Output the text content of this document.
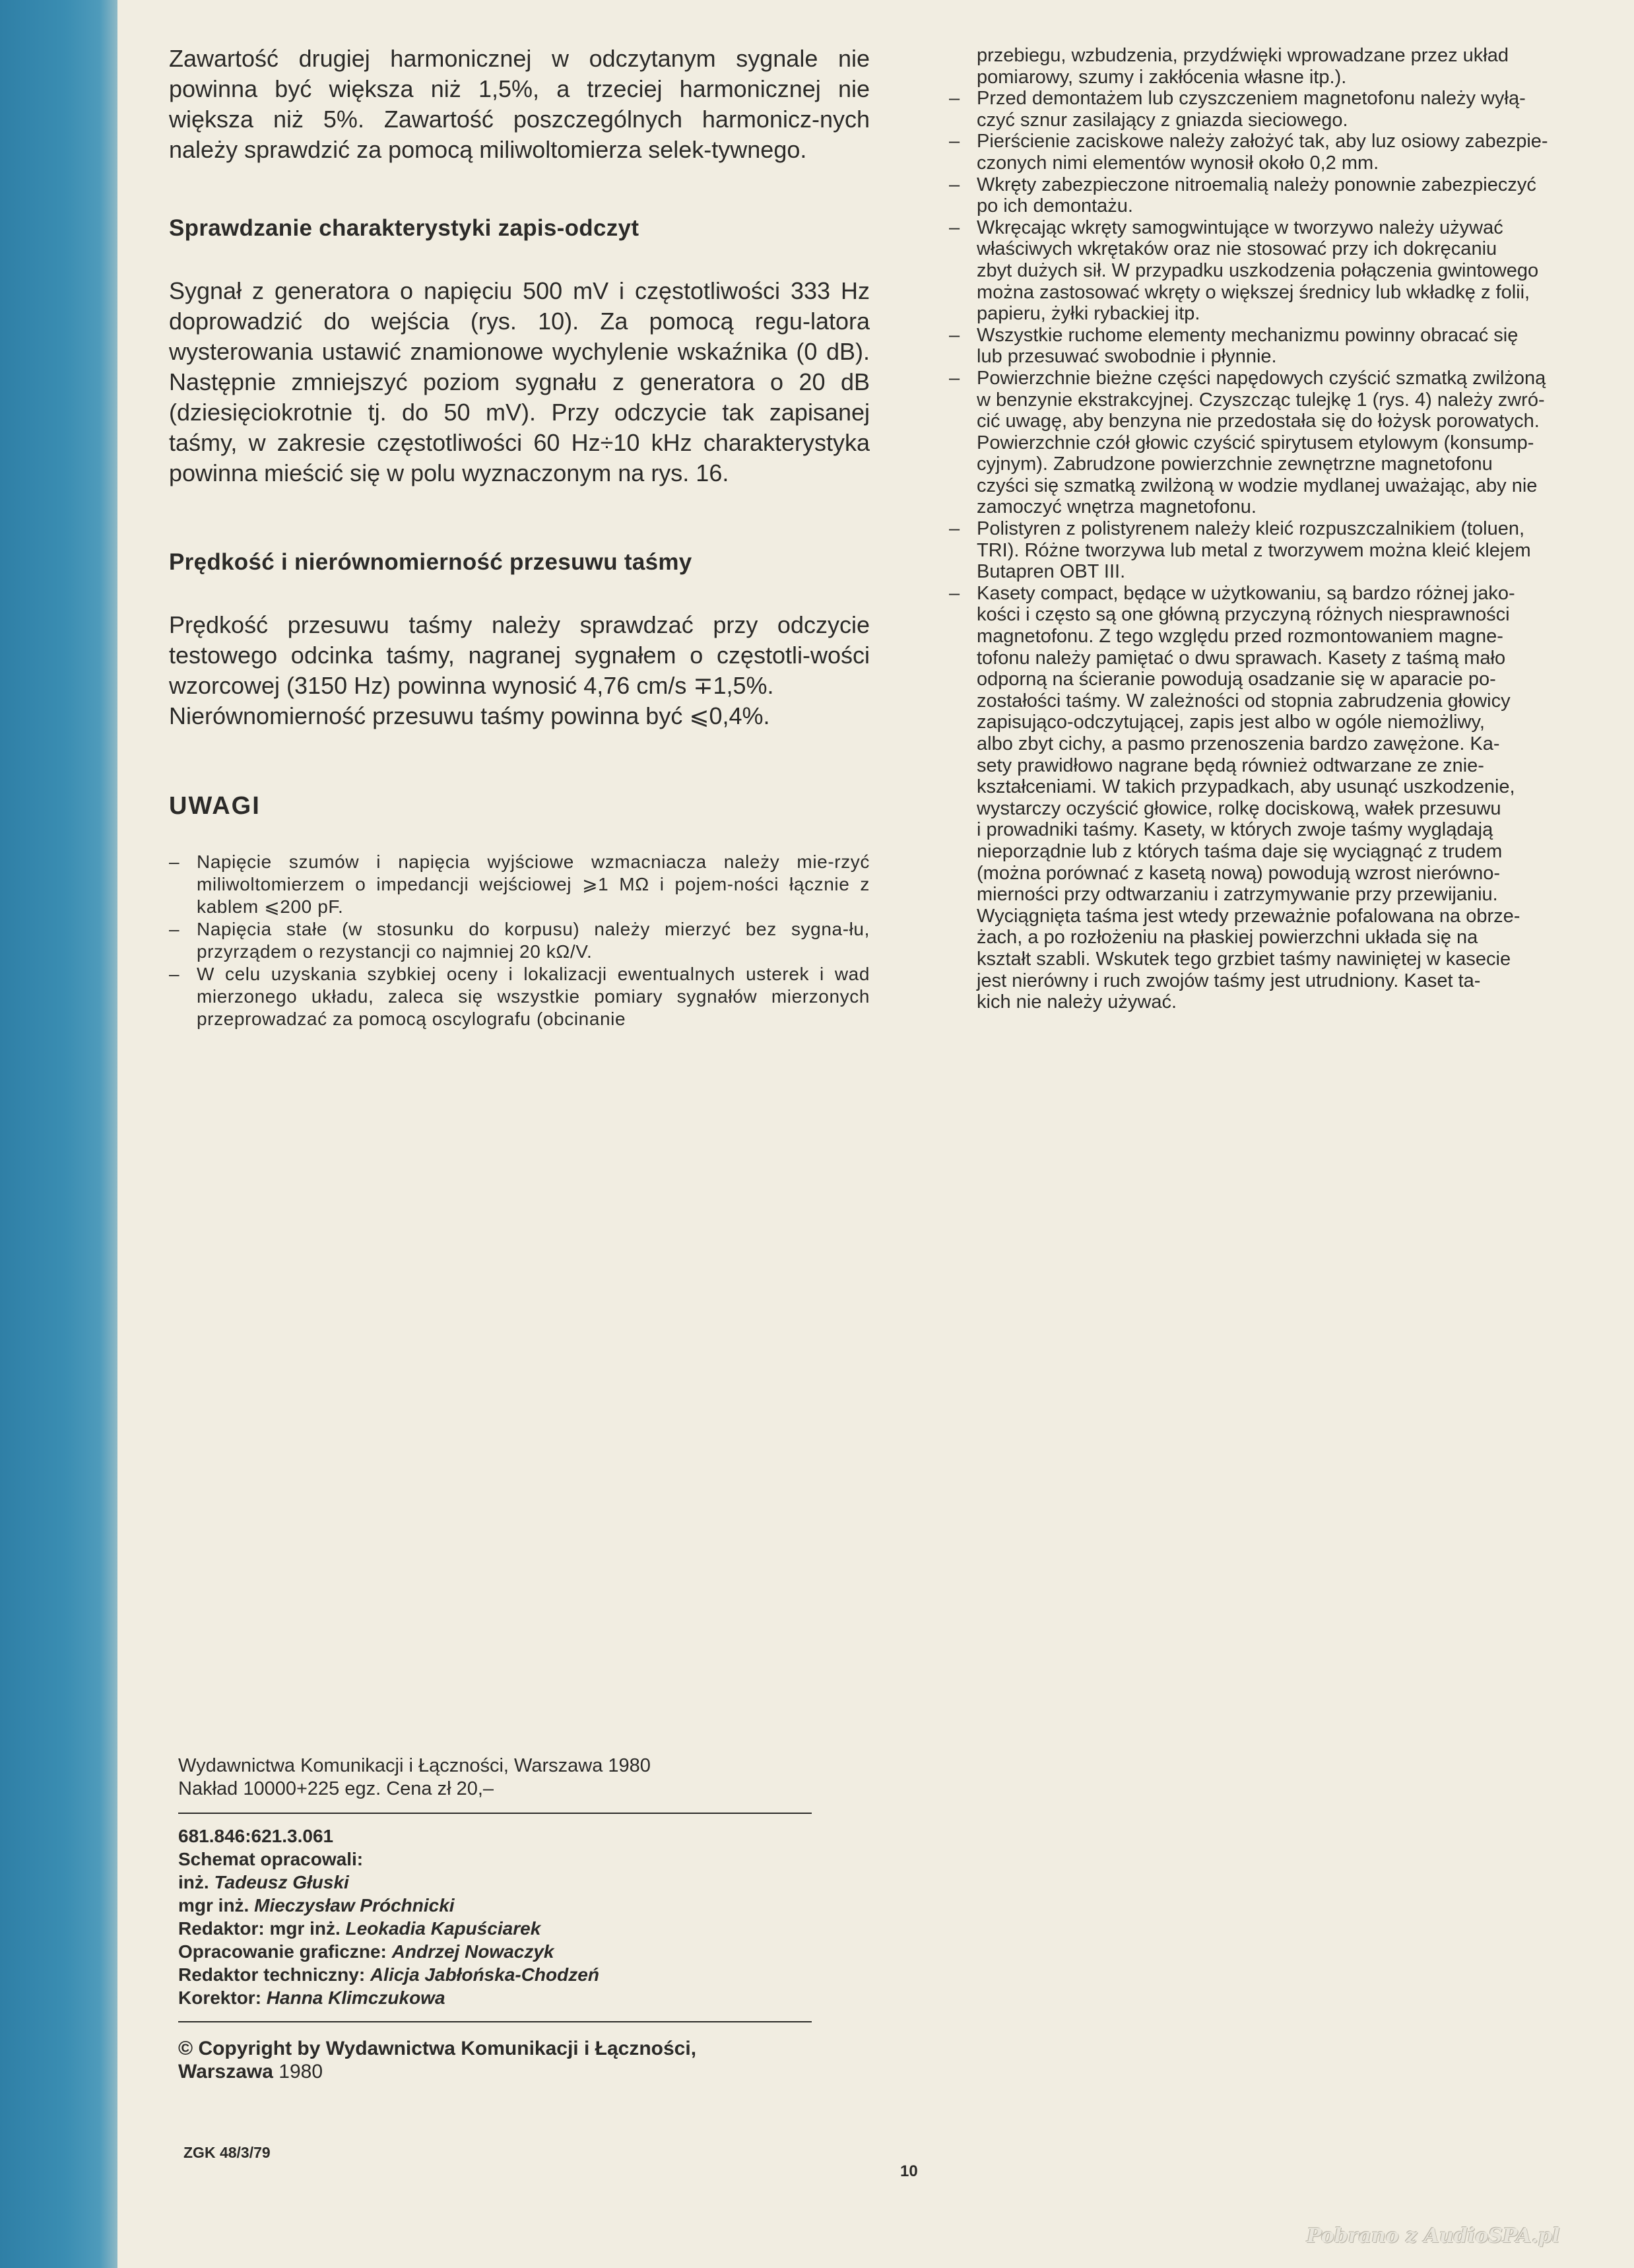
Zawartość drugiej harmonicznej w odczytanym sygnale nie powinna być większa niż 1,5%, a trzeciej harmonicznej nie większa niż 5%. Zawartość poszczególnych harmonicz-nych należy sprawdzić za pomocą miliwoltomierza selek-tywnego.

Sprawdzanie charakterystyki zapis-odczyt

Sygnał z generatora o napięciu 500 mV i częstotliwości 333 Hz doprowadzić do wejścia (rys. 10). Za pomocą regu-latora wysterowania ustawić znamionowe wychylenie wskaźnika (0 dB). Następnie zmniejszyć poziom sygnału z generatora o 20 dB (dziesięciokrotnie tj. do 50 mV). Przy odczycie tak zapisanej taśmy, w zakresie częstotliwości 60 Hz÷10 kHz charakterystyka powinna mieścić się w polu wyznaczonym na rys. 16.

Prędkość i nierównomierność przesuwu taśmy

Prędkość przesuwu taśmy należy sprawdzać przy odczycie testowego odcinka taśmy, nagranej sygnałem o częstotli-wości wzorcowej (3150 Hz) powinna wynosić 4,76 cm/s ∓1,5%.

Nierównomierność przesuwu taśmy powinna być ⩽0,4%.

UWAGI
– Napięcie szumów i napięcia wyjściowe wzmacniacza należy mie-rzyć miliwoltomierzem o impedancji wejściowej ⩾1 MΩ i pojem-ności łącznie z kablem ⩽200 pF.
– Napięcia stałe (w stosunku do korpusu) należy mierzyć bez sygna-łu, przyrządem o rezystancji co najmniej 20 kΩ/V.
– W celu uzyskania szybkiej oceny i lokalizacji ewentualnych usterek i wad mierzonego układu, zaleca się wszystkie pomiary sygnałów mierzonych przeprowadzać za pomocą oscylografu (obcinanie
przebiegu, wzbudzenia, przydźwięki wprowadzane przez układ
pomiarowy, szumy i zakłócenia własne itp.).
– Przed demontażem lub czyszczeniem magnetofonu należy wyłą-
czyć sznur zasilający z gniazda sieciowego.
– Pierścienie zaciskowe należy założyć tak, aby luz osiowy zabezpie-
czonych nimi elementów wynosił około 0,2 mm.
– Wkręty zabezpieczone nitroemalią należy ponownie zabezpieczyć
po ich demontażu.
– Wkręcając wkręty samogwintujące w tworzywo należy używać
właściwych wkrętaków oraz nie stosować przy ich dokręcaniu
zbyt dużych sił. W przypadku uszkodzenia połączenia gwintowego
można zastosować wkręty o większej średnicy lub wkładkę z folii,
papieru, żyłki rybackiej itp.
– Wszystkie ruchome elementy mechanizmu powinny obracać się
lub przesuwać swobodnie i płynnie.
– Powierzchnie bieżne części napędowych czyścić szmatką zwilżoną
w benzynie ekstrakcyjnej. Czyszcząc tulejkę 1 (rys. 4) należy zwró-
cić uwagę, aby benzyna nie przedostała się do łożysk porowatych.
Powierzchnie czół głowic czyścić spirytusem etylowym (konsump-
cyjnym). Zabrudzone powierzchnie zewnętrzne magnetofonu
czyści się szmatką zwilżoną w wodzie mydlanej uważając, aby nie
zamoczyć wnętrza magnetofonu.
– Polistyren z polistyrenem należy kleić rozpuszczalnikiem (toluen,
TRI). Różne tworzywa lub metal z tworzywem można kleić klejem
Butapren OBT III.
– Kasety compact, będące w użytkowaniu, są bardzo różnej jako-
kości i często są one główną przyczyną różnych niesprawności
magnetofonu. Z tego względu przed rozmontowaniem magne-
tofonu należy pamiętać o dwu sprawach. Kasety z taśmą mało
odporną na ścieranie powodują osadzanie się w aparacie po-
zostałości taśmy. W zależności od stopnia zabrudzenia głowicy
zapisująco-odczytującej, zapis jest albo w ogóle niemożliwy,
albo zbyt cichy, a pasmo przenoszenia bardzo zawężone. Ka-
sety prawidłowo nagrane będą również odtwarzane ze znie-
kształceniami. W takich przypadkach, aby usunąć uszkodzenie,
wystarczy oczyścić głowice, rolkę dociskową, wałek przesuwu
i prowadniki taśmy. Kasety, w których zwoje taśmy wyglądają
nieporządnie lub z których taśma daje się wyciągnąć z trudem
(można porównać z kasetą nową) powodują wzrost nierówno-
mierności przy odtwarzaniu i zatrzymywanie przy przewijaniu.
Wyciągnięta taśma jest wtedy przeważnie pofalowana na obrze-
żach, a po rozłożeniu na płaskiej powierzchni układa się na
kształt szabli. Wskutek tego grzbiet taśmy nawiniętej w kasecie
jest nierówny i ruch zwojów taśmy jest utrudniony. Kaset ta-
kich nie należy używać.

Wydawnictwa Komunikacji i Łączności, Warszawa 1980

Nakład 10000+225 egz. Cena zł 20,–

681.846:621.3.061

Schemat opracowali:

inż. Tadeusz Głuski

mgr inż. Mieczysław Próchnicki

Redaktor: mgr inż. Leokadia Kapuściarek

Opracowanie graficzne: Andrzej Nowaczyk

Redaktor techniczny: Alicja Jabłońska-Chodzeń

Korektor: Hanna Klimczukowa

© Copyright by Wydawnictwa Komunikacji i Łączności,

Warszawa 1980

ZGK 48/3/79
10
Pobrano z AudioSPA.pl
